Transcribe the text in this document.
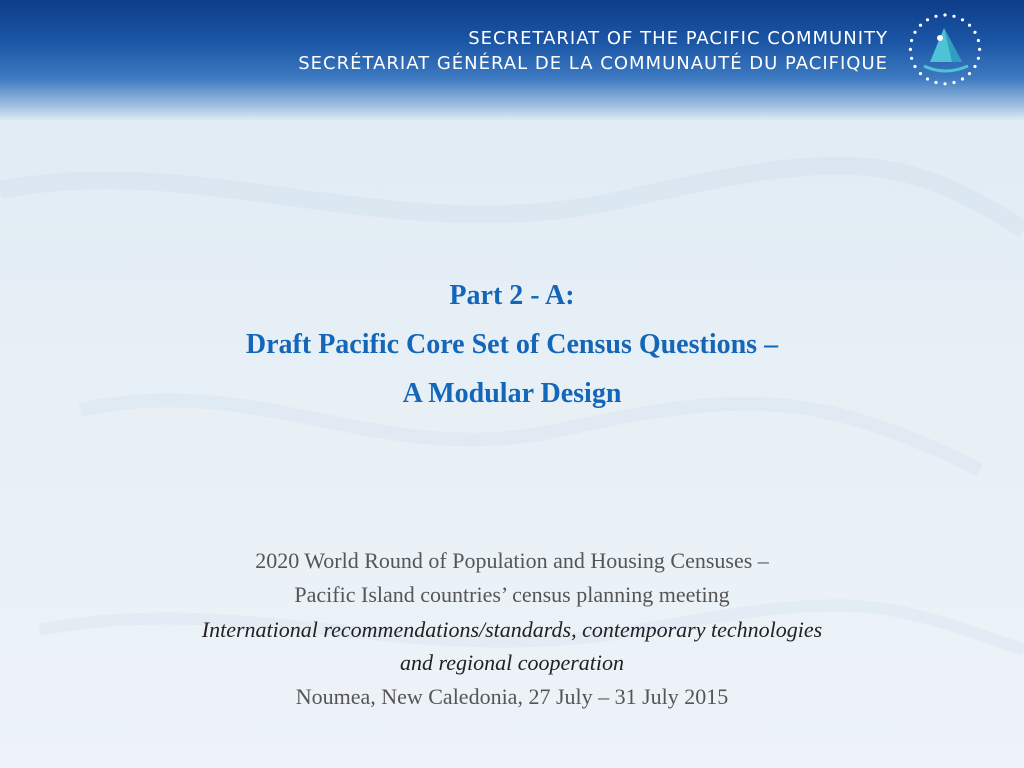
SECRETARIAT OF THE PACIFIC COMMUNITY
SECRÉTARIAT GÉNÉRAL DE LA COMMUNAUTÉ DU PACIFIQUE
Part 2 - A:
Draft Pacific Core Set of Census Questions –
A Modular Design
2020 World Round of Population and Housing Censuses –
Pacific Island countries’ census planning meeting
International recommendations/standards, contemporary technologies
and regional cooperation
Noumea, New Caledonia, 27 July – 31 July 2015
